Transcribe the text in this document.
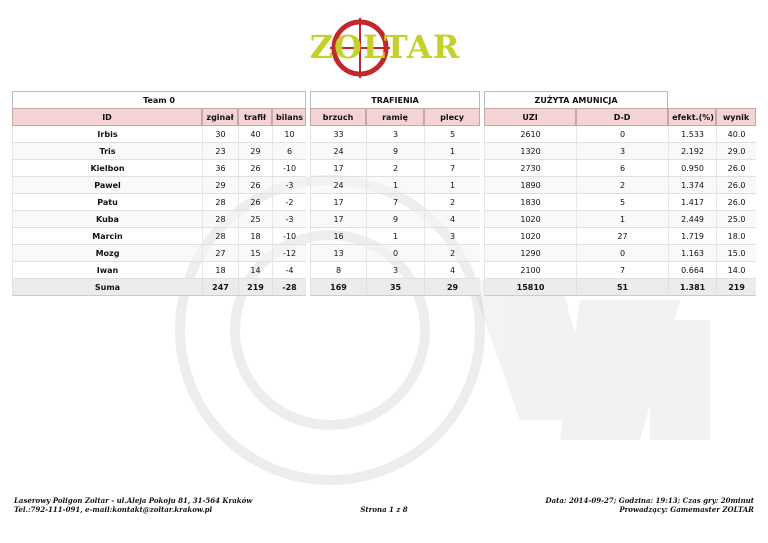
ZOLTAR
Team 0					TRAFIENIA				ZUŻYTA AMUNICJA			
ID	zginał	trafił	bilans		brzuch	ramię	plecy		UZI	D-D	efekt.(%)	wynik
Irbis	30	40	10		33	3	5		2610	0	1.533	40.0
Tris	23	29	6		24	9	1		1320	3	2.192	29.0
Kielbon	36	26	-10		17	2	7		2730	6	0.950	26.0
Pawel	29	26	-3		24	1	1		1890	2	1.374	26.0
Patu	28	26	-2		17	7	2		1830	5	1.417	26.0
Kuba	28	25	-3		17	9	4		1020	1	2.449	25.0
Marcin	28	18	-10		16	1	3		1020	27	1.719	18.0
Mozg	27	15	-12		13	0	2		1290	0	1.163	15.0
Iwan	18	14	-4		8	3	4		2100	7	0.664	14.0
Suma	247	219	-28		169	35	29		15810	51	1.381	219
Laserowy Poligon Zoltar - ul.Aleja Pokoju 81, 31-564 Kraków
Tel.:792-111-091, e-mail:kontakt@zoltar.krakow.pl	Strona 1 z 8
Data: 2014-09-27; Godzina: 19:13; Czas gry: 20minut
Prowadzący: Gamemaster ZOLTAR
